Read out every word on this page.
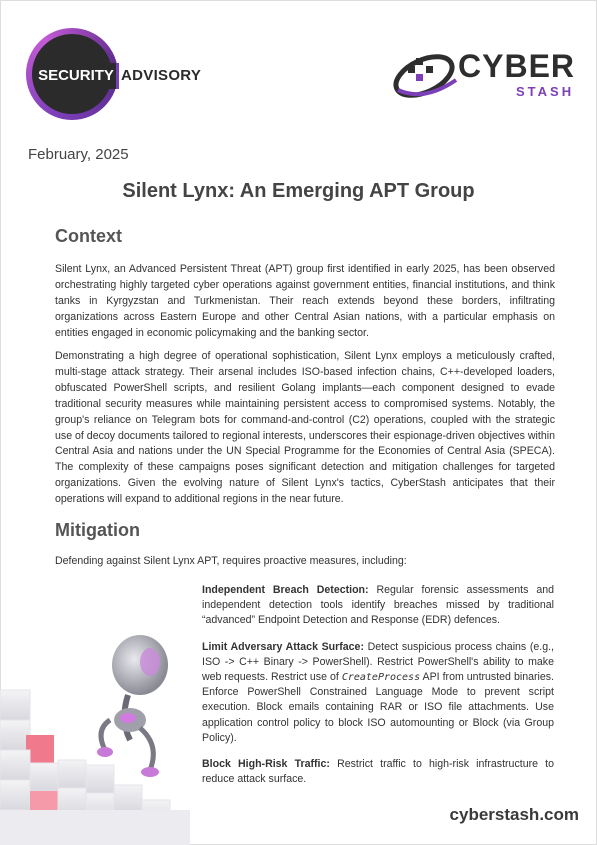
SECURITY ADVISORY	CYBER
STASH
February, 2025
Silent Lynx: An Emerging APT Group
Context
Silent Lynx, an Advanced Persistent Threat (APT) group first identified in early 2025, has been observed orchestrating highly targeted cyber operations against government entities, financial institutions, and think tanks in Kyrgyzstan and Turkmenistan. Their reach extends beyond these borders, infiltrating organizations across Eastern Europe and other Central Asian nations, with a particular emphasis on entities engaged in economic policymaking and the banking sector.
Demonstrating a high degree of operational sophistication, Silent Lynx employs a meticulously crafted, multi-stage attack strategy. Their arsenal includes ISO-based infection chains, C++-developed loaders, obfuscated PowerShell scripts, and resilient Golang implants—each component designed to evade traditional security measures while maintaining persistent access to compromised systems. Notably, the group's reliance on Telegram bots for command-and-control (C2) operations, coupled with the strategic use of decoy documents tailored to regional interests, underscores their espionage-driven objectives within Central Asia and nations under the UN Special Programme for the Economies of Central Asia (SPECA). The complexity of these campaigns poses significant detection and mitigation challenges for targeted organizations. Given the evolving nature of Silent Lynx's tactics, CyberStash anticipates that their operations will expand to additional regions in the near future.
Mitigation
Defending against Silent Lynx APT, requires proactive measures, including:
Independent Breach Detection: Regular forensic assessments and independent detection tools identify breaches missed by traditional “advanced” Endpoint Detection and Response (EDR) defences.
Limit Adversary Attack Surface: Detect suspicious process chains (e.g., ISO -> C++ Binary -> PowerShell). Restrict PowerShell's ability to make web requests. Restrict use of CreateProcess API from untrusted binaries. Enforce PowerShell Constrained Language Mode to prevent script execution. Block emails containing RAR or ISO file attachments. Use application control policy to block ISO automounting or Block (via Group Policy).
Block High-Risk Traffic: Restrict traffic to high-risk infrastructure to reduce attack surface.
cyberstash.com
